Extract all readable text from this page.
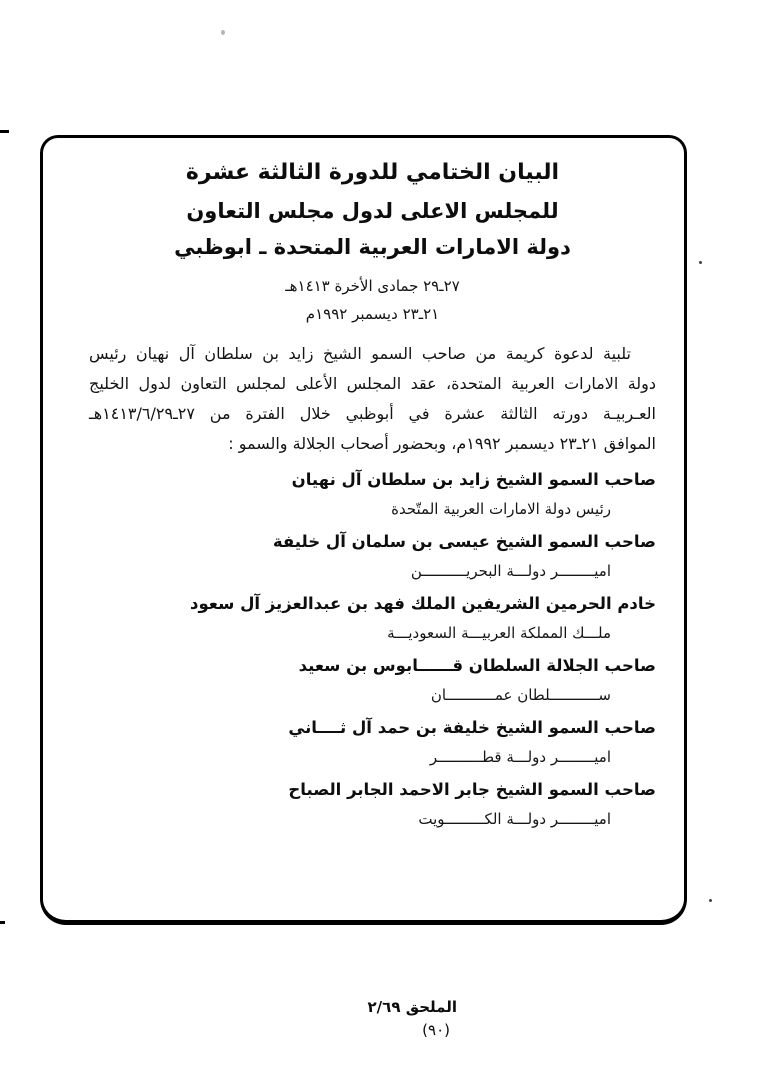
البيان الختامي للدورة الثالثة عشرة
للمجلس الاعلى لدول مجلس التعاون
دولة الامارات العربية المتحدة ـ ابوظبي
٢٧ـ٢٩ جمادى الأخرة ١٤١٣هـ
٢١ـ٢٣ ديسمبر ١٩٩٢م
تلبية لدعوة كريمة من صاحب السمو الشيخ زايد بن سلطان آل نهيان رئيس
دولة الامارات العربية المتحدة، عقد المجلس الأعلى لمجلس التعاون لدول الخليج
العـربيـة دورته الثالثة عشرة في أبوظبي خلال الفترة من ٢٧ـ٢٩‏/‏٦‏/‏١٤١٣هـ
الموافق ٢١ـ٢٣ ديسمبر ١٩٩٢م، وبحضور أصحاب الجلالة والسمو :
صاحب السمو الشيخ زايد بن سلطان آل نهيان
رئيس دولة الامارات العربية المتّحدة
صاحب السمو الشيخ عيسى بن سلمان آل خليفة
اميــــــــر دولـــة البحريــــــــــن
خادم الحرمين الشريفين الملك فهد بن عبدالعزيز آل سعود
ملـــك المملكة العربيـــة السعوديـــة
صاحب الجلالة السلطان قــــــابوس بن سعيد
ســـــــــــلطان عمـــــــــــان
صاحب السمو الشيخ خليفة بن حمد آل ثــــاني
اميــــــــر دولـــة قطــــــــــر
صاحب السمو الشيخ جابر الاحمد الجابر الصباح
اميــــــــر دولـــة الكـــــــــويت
الملحق ٢/٦٩
(٩٠)
